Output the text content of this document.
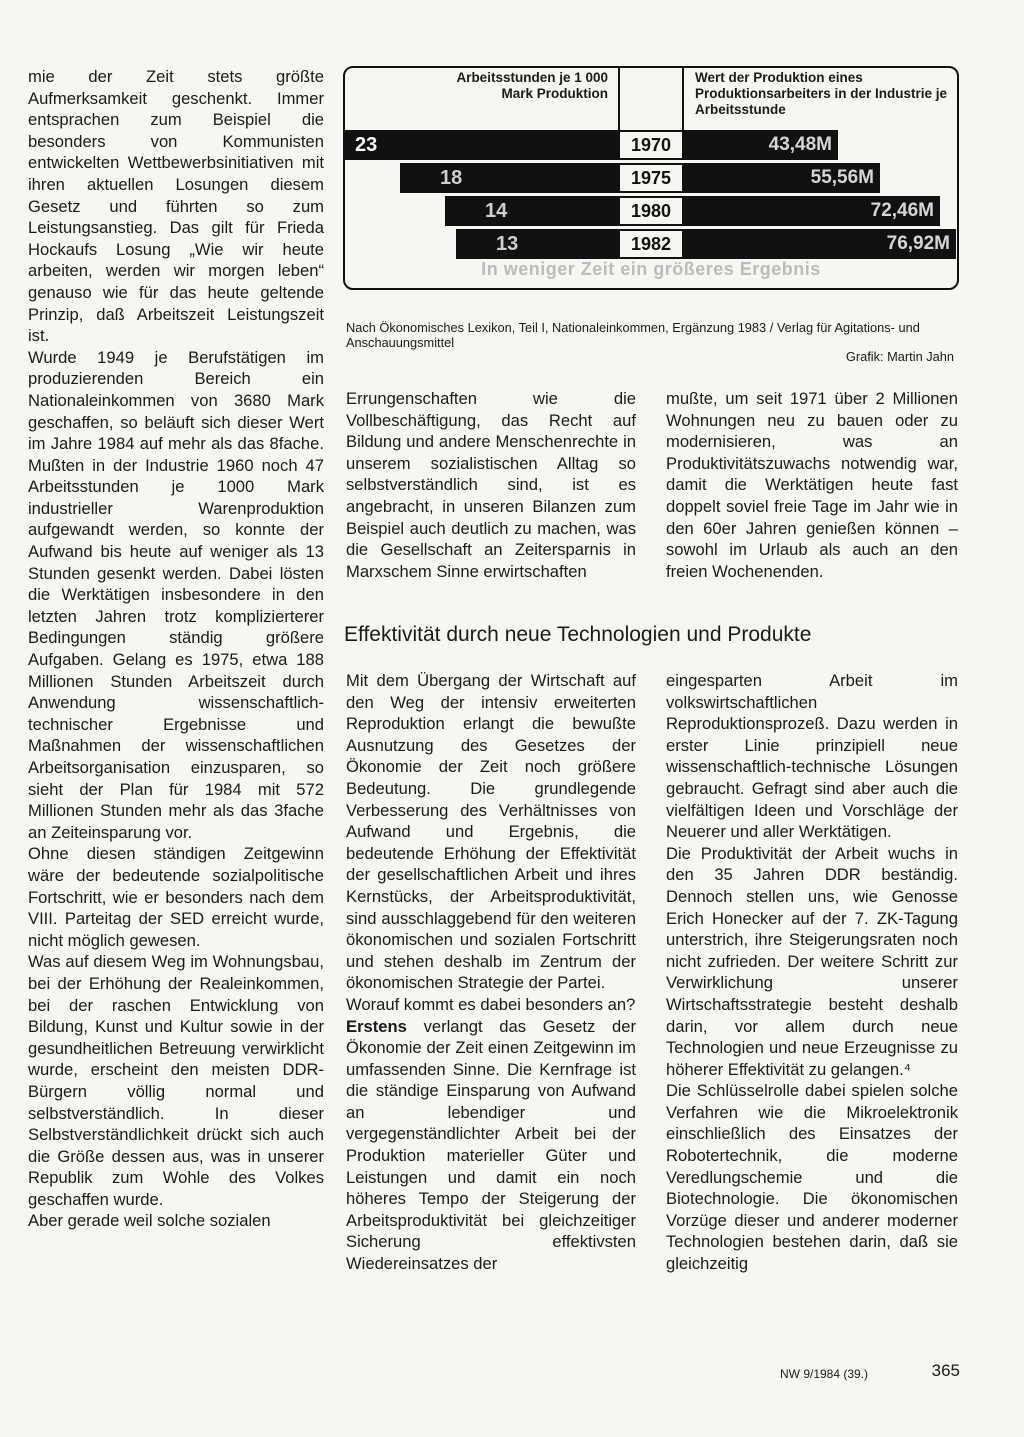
mie der Zeit stets größte Aufmerksamkeit geschenkt. Immer entsprachen zum Beispiel die besonders von Kommunisten entwickelten Wettbewerbsinitiativen mit ihren aktuellen Losungen diesem Gesetz und führten so zum Leistungsanstieg. Das gilt für Frieda Hockaufs Losung „Wie wir heute arbeiten, werden wir morgen leben“ genauso wie für das heute geltende Prinzip, daß Arbeitszeit Leistungszeit ist.

Wurde 1949 je Berufstätigen im produzierenden Bereich ein Nationaleinkommen von 3680 Mark geschaffen, so beläuft sich dieser Wert im Jahre 1984 auf mehr als das 8fache. Mußten in der Industrie 1960 noch 47 Arbeitsstunden je 1000 Mark industrieller Warenproduktion aufgewandt werden, so konnte der Aufwand bis heute auf weniger als 13 Stunden gesenkt werden. Dabei lösten die Werktätigen insbesondere in den letzten Jahren trotz komplizierterer Bedingungen ständig größere Aufgaben. Gelang es 1975, etwa 188 Millionen Stunden Arbeitszeit durch Anwendung wissenschaftlich-technischer Ergebnisse und Maßnahmen der wissenschaftlichen Arbeitsorganisation einzusparen, so sieht der Plan für 1984 mit 572 Millionen Stunden mehr als das 3fache an Zeiteinsparung vor.

Ohne diesen ständigen Zeitgewinn wäre der bedeutende sozialpolitische Fortschritt, wie er besonders nach dem VIII. Parteitag der SED erreicht wurde, nicht möglich gewesen.

Was auf diesem Weg im Wohnungsbau, bei der Erhöhung der Realeinkommen, bei der raschen Entwicklung von Bildung, Kunst und Kultur sowie in der gesundheitlichen Betreuung verwirklicht wurde, erscheint den meisten DDR-Bürgern völlig normal und selbstverständlich. In dieser Selbstverständlichkeit drückt sich auch die Größe dessen aus, was in unserer Republik zum Wohle des Volkes geschaffen wurde.

Aber gerade weil solche sozialen

Arbeitsstunden je 1 000 Mark Produktion
Wert der Produktion eines Produktionsarbeiters in der Industrie je Arbeitsstunde
23	1970	43,48M
18	1975	55,56M
14	1980	72,46M
13	1982	76,92M
In weniger Zeit ein größeres Ergebnis
Nach Ökonomisches Lexikon, Teil I, Nationaleinkommen, Ergänzung 1983 / Verlag für Agitations- und Anschauungsmittel
Grafik: Martin Jahn

Errungenschaften wie die Vollbeschäftigung, das Recht auf Bildung und andere Menschenrechte in unserem sozialistischen Alltag so selbstverständlich sind, ist es angebracht, in unseren Bilanzen zum Beispiel auch deutlich zu machen, was die Gesellschaft an Zeitersparnis in Marxschem Sinne erwirtschaften

mußte, um seit 1971 über 2 Millionen Wohnungen neu zu bauen oder zu modernisieren, was an Produktivitätszuwachs notwendig war, damit die Werktätigen heute fast doppelt soviel freie Tage im Jahr wie in den 60er Jahren genießen können – sowohl im Urlaub als auch an den freien Wochenenden.

Effektivität durch neue Technologien und Produkte

Mit dem Übergang der Wirtschaft auf den Weg der intensiv erweiterten Reproduktion erlangt die bewußte Ausnutzung des Gesetzes der Ökonomie der Zeit noch größere Bedeutung. Die grundlegende Verbesserung des Verhältnisses von Aufwand und Ergebnis, die bedeutende Erhöhung der Effektivität der gesellschaftlichen Arbeit und ihres Kernstücks, der Arbeitsproduktivität, sind ausschlaggebend für den weiteren ökonomischen und sozialen Fortschritt und stehen deshalb im Zentrum der ökonomischen Strategie der Partei.

Worauf kommt es dabei besonders an?

Erstens verlangt das Gesetz der Ökonomie der Zeit einen Zeitgewinn im umfassenden Sinne. Die Kernfrage ist die ständige Einsparung von Aufwand an lebendiger und vergegenständlichter Arbeit bei der Produktion materieller Güter und Leistungen und damit ein noch höheres Tempo der Steigerung der Arbeitsproduktivität bei gleichzeitiger Sicherung effektivsten Wiedereinsatzes der

eingesparten Arbeit im volkswirtschaftlichen Reproduktionsprozeß. Dazu werden in erster Linie prinzipiell neue wissenschaftlich-technische Lösungen gebraucht. Gefragt sind aber auch die vielfältigen Ideen und Vorschläge der Neuerer und aller Werktätigen.

Die Produktivität der Arbeit wuchs in den 35 Jahren DDR beständig. Dennoch stellen uns, wie Genosse Erich Honecker auf der 7. ZK-Tagung unterstrich, ihre Steigerungsraten noch nicht zufrieden. Der weitere Schritt zur Verwirklichung unserer Wirtschaftsstrategie besteht deshalb darin, vor allem durch neue Technologien und neue Erzeugnisse zu höherer Effektivität zu gelangen.⁴

Die Schlüsselrolle dabei spielen solche Verfahren wie die Mikroelektronik einschließlich des Einsatzes der Robotertechnik, die moderne Veredlungschemie und die Biotechnologie. Die ökonomischen Vorzüge dieser und anderer moderner Technologien bestehen darin, daß sie gleichzeitig

NW 9/1984 (39.)	365
